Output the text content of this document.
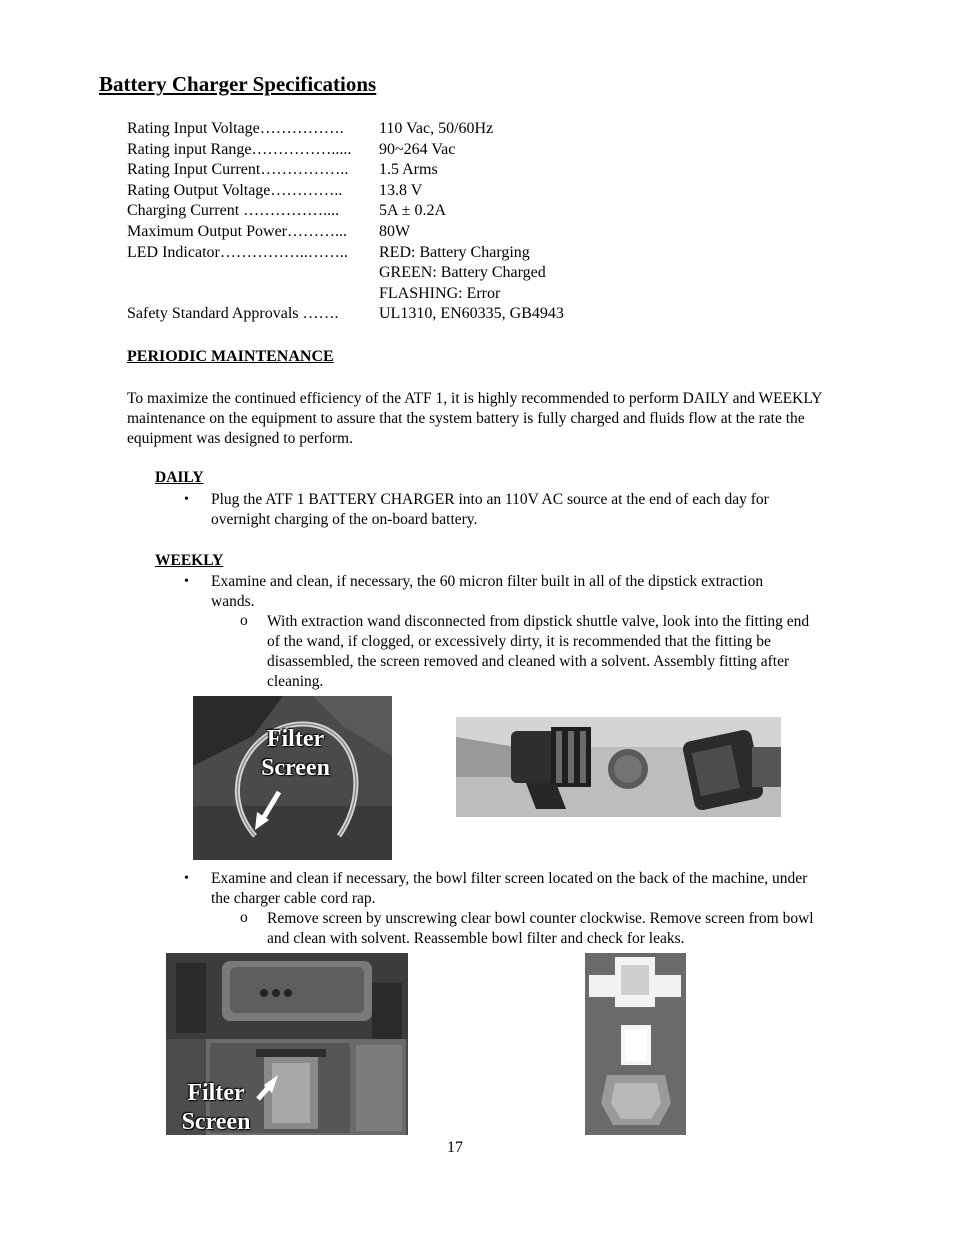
Battery Charger Specifications
Rating Input Voltage…………….	110 Vac, 50/60Hz
Rating input Range…………….....	90~264 Vac
Rating Input Current……………..	1.5 Arms
Rating Output Voltage…………..	13.8 V
Charging Current ……………....	5A ± 0.2A
Maximum Output Power………...	80W
LED Indicator……………..……..	RED: Battery Charging
GREEN: Battery Charged
FLASHING: Error
Safety Standard Approvals …….	UL1310, EN60335, GB4943
PERIODIC MAINTENANCE

To maximize the continued efficiency of the ATF 1, it is highly recommended to perform DAILY and WEEKLY maintenance on the equipment to assure that the system battery is fully charged and fluids flow at the rate the equipment was designed to perform.

DAILY
• Plug the ATF 1 BATTERY CHARGER into an 110V AC source at the end of each day for overnight charging of the on-board battery.
WEEKLY
• Examine and clean, if necessary, the 60 micron filter built in all of the dipstick extraction wands.
o With extraction wand disconnected from dipstick shuttle valve, look into the fitting end of the wand, if clogged, or excessively dirty, it is recommended that the fitting be disassembled, the screen removed and cleaned with a solvent. Assembly fitting after cleaning.
Filter
Screen
• Examine and clean if necessary, the bowl filter screen located on the back of the machine, under the charger cable cord rap.
o Remove screen by unscrewing clear bowl counter clockwise. Remove screen from bowl and clean with solvent. Reassemble bowl filter and check for leaks.
Filter
Screen
17
